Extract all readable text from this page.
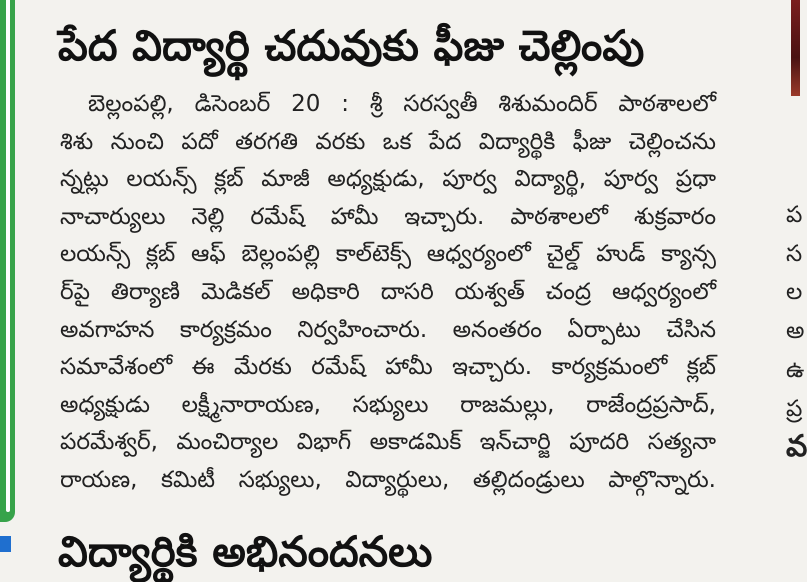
పేద విద్యార్థి చదువుకు ఫీజు చెల్లింపు
బెల్లంపల్లి, డిసెంబర్ 20 : శ్రీ సరస్వతీ శిశుమందిర్ పాఠశాలలో
శిశు నుంచి పదో తరగతి వరకు ఒక పేద విద్యార్థికి ఫీజు చెల్లించను
న్నట్లు లయన్స్ క్లబ్ మాజీ అధ్యక్షుడు, పూర్వ విద్యార్థి, పూర్వ ప్రధా
నాచార్యులు నెల్లి రమేష్ హామీ ఇచ్చారు. పాఠశాలలో శుక్రవారం
లయన్స్ క్లబ్ ఆఫ్ బెల్లంపల్లి కాల్‌టెక్స్ ఆధ్వర్యంలో చైల్డ్ హుడ్ క్యాన్స
ర్‌పై తిర్యాణి మెడికల్ అధికారి దాసరి యశ్వత్ చంద్ర ఆధ్వర్యంలో
అవగాహన కార్యక్రమం నిర్వహించారు. అనంతరం ఏర్పాటు చేసిన
సమావేశంలో ఈ మేరకు రమేష్ హామీ ఇచ్చారు. కార్యక్రమంలో క్లబ్
అధ్యక్షుడు లక్ష్మీనారాయణ, సభ్యులు రాజమల్లు, రాజేంద్రప్రసాద్,
పరమేశ్వర్, మంచిర్యాల విభాగ్ అకాడమిక్ ఇన్‌చార్జి పూదరి సత్యనా
రాయణ, కమిటీ సభ్యులు, విద్యార్థులు, తల్లిదండ్రులు పాల్గొన్నారు.
విద్యార్థికి అభినందనలు
ప
స
ల
అ
ఉ
ప్ర
వ
